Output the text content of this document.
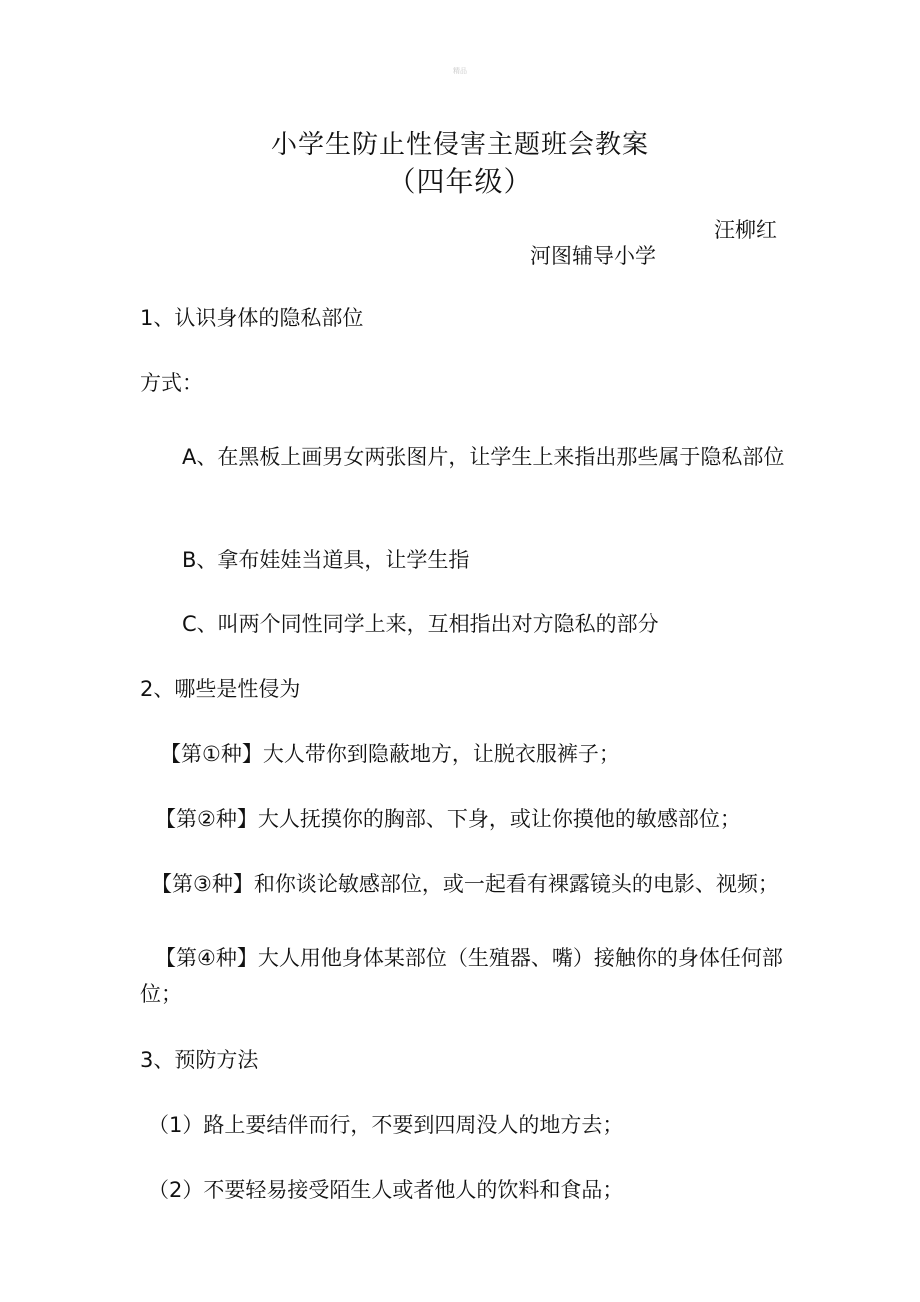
精品
小学生防止性侵害主题班会教案
（四年级）
汪柳红
河图辅导小学
1、认识身体的隐私部位
方式：
A、在黑板上画男女两张图片，让学生上来指出那些属于隐私部位
B、拿布娃娃当道具，让学生指
C、叫两个同性同学上来，互相指出对方隐私的部分
2、哪些是性侵为
【第①种】大人带你到隐蔽地方，让脱衣服裤子；
【第②种】大人抚摸你的胸部、下身，或让你摸他的敏感部位；
【第③种】和你谈论敏感部位，或一起看有裸露镜头的电影、视频；
【第④种】大人用他身体某部位（生殖器、嘴）接触你的身体任何部位；
3、预防方法
（1）路上要结伴而行，不要到四周没人的地方去；
（2）不要轻易接受陌生人或者他人的饮料和食品；
